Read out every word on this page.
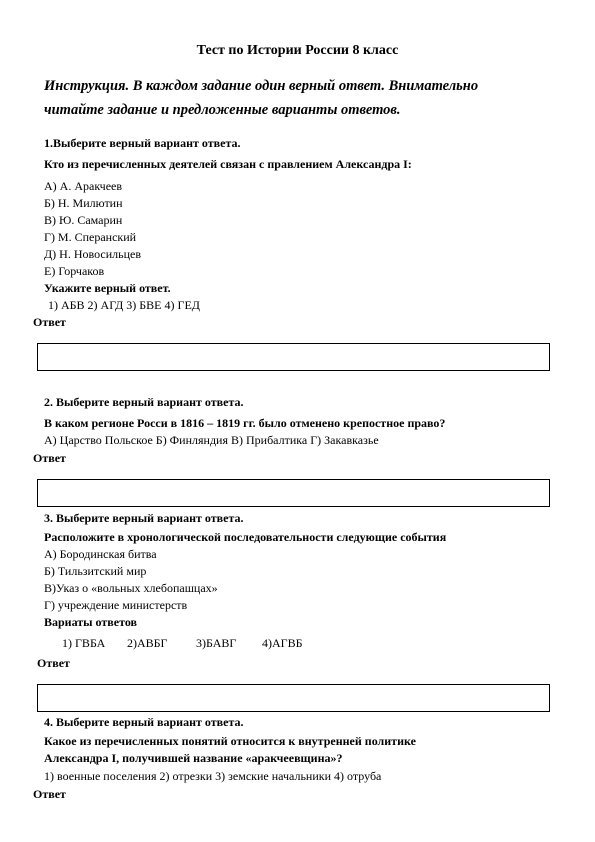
Тест по Истории России 8 класс
Инструкция. В каждом задание один верный ответ. Внимательно
читайте задание и предложенные варианты ответов.
1.Выберите верный вариант ответа.
Кто из перечисленных деятелей связан с правлением Александра I:
А) А. Аракчеев
Б) Н. Милютин
В) Ю. Самарин
Г) М. Сперанский
Д) Н. Новосильцев
Е) Горчаков
Укажите верный ответ.
1) АБВ 2) АГД 3) БВЕ 4) ГЕД
Ответ
2. Выберите верный вариант ответа.
В каком регионе Росси в 1816 – 1819 гг. было отменено крепостное право?
А) Царство Польское Б) Финляндия В) Прибалтика Г) Закавказье
Ответ
3. Выберите верный вариант ответа.
Расположите в хронологической последовательности следующие события
А) Бородинская битва
Б) Тильзитский мир
В)Указ о «вольных хлебопашцах»
Г) учреждение министерств
Вариаты ответов
1) ГВБА 2)АВБГ 3)БАВГ 4)АГВБ
Ответ
4. Выберите верный вариант ответа.
Какое из перечисленных понятий относится к внутренней политике
Александра I, получившей название «аракчеевщина»?
1) военные поселения 2) отрезки 3) земские начальники 4) отруба
Ответ
